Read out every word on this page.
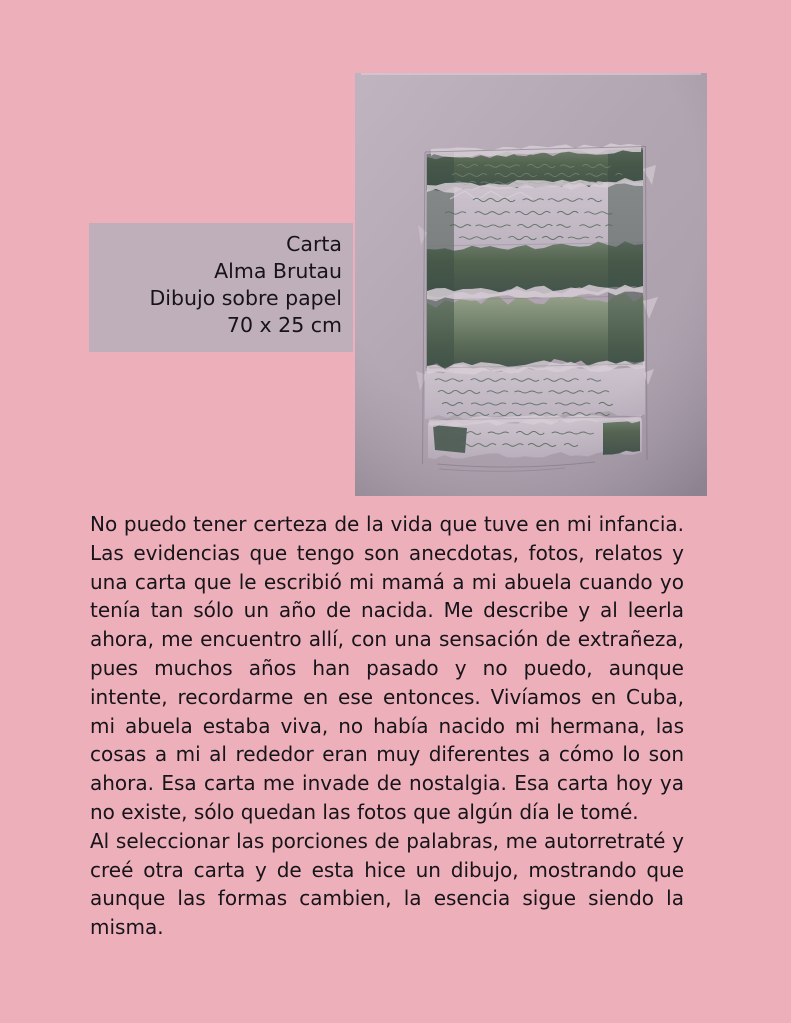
Carta
Alma Brutau
Dibujo sobre papel
70 x 25 cm

No puedo tener certeza de la vida que tuve en mi infancia. Las evidencias que tengo son anecdotas, fotos, relatos y una carta que le escribió mi mamá a mi abuela cuando yo tenía tan sólo un año de nacida. Me describe y al leerla ahora, me encuentro allí, con una sensación de extrañeza, pues muchos años han pasado y no puedo, aunque intente, recordarme en ese entonces. Vivíamos en Cuba, mi abuela estaba viva, no había nacido mi hermana, las cosas a mi al rededor eran muy diferentes a cómo lo son ahora. Esa carta me invade de nostalgia. Esa carta hoy ya no existe, sólo quedan las fotos que algún día le tomé.

Al seleccionar las porciones de palabras, me autorretraté y creé otra carta y de esta hice un dibujo, mostrando que aunque las formas cambien, la esencia sigue siendo la misma.
